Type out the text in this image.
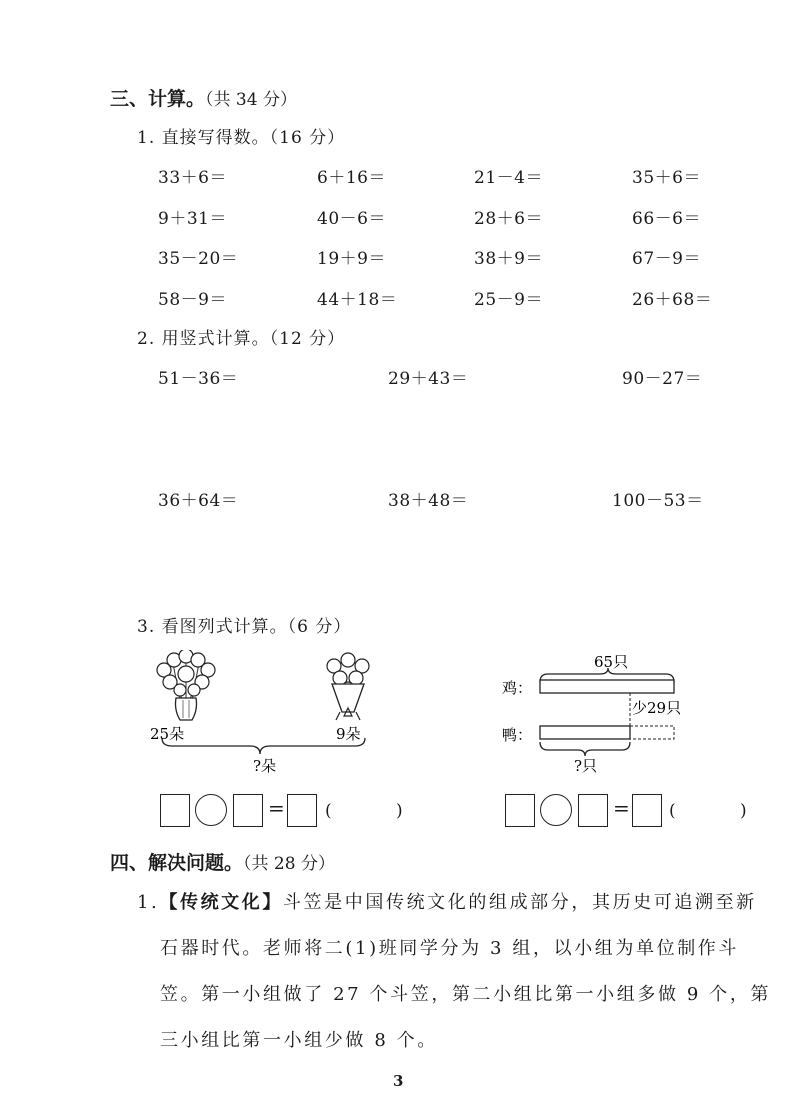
三、计算。（共 34 分）
1. 直接写得数。（16 分）
33＋6＝	6＋16＝	21－4＝	35＋6＝
9＋31＝	40－6＝	28＋6＝	66－6＝
35－20＝	19＋9＝	38＋9＝	67－9＝
58－9＝	44＋18＝	25－9＝	26＋68＝
2. 用竖式计算。（12 分）
51－36＝	29＋43＝	90－27＝
36＋64＝	38＋48＝	100－53＝
3. 看图列式计算。（6 分）
25朵	9朵
?朵
65只
鸡：
少29只
鸭：
?只
= (	)	= (	)
四、解决问题。（共 28 分）
1.【传统文化】斗笠是中国传统文化的组成部分，其历史可追溯至新
石器时代。老师将二(1)班同学分为 3 组，以小组为单位制作斗
笠。第一小组做了 27 个斗笠，第二小组比第一小组多做 9 个，第
三小组比第一小组少做 8 个。
3
